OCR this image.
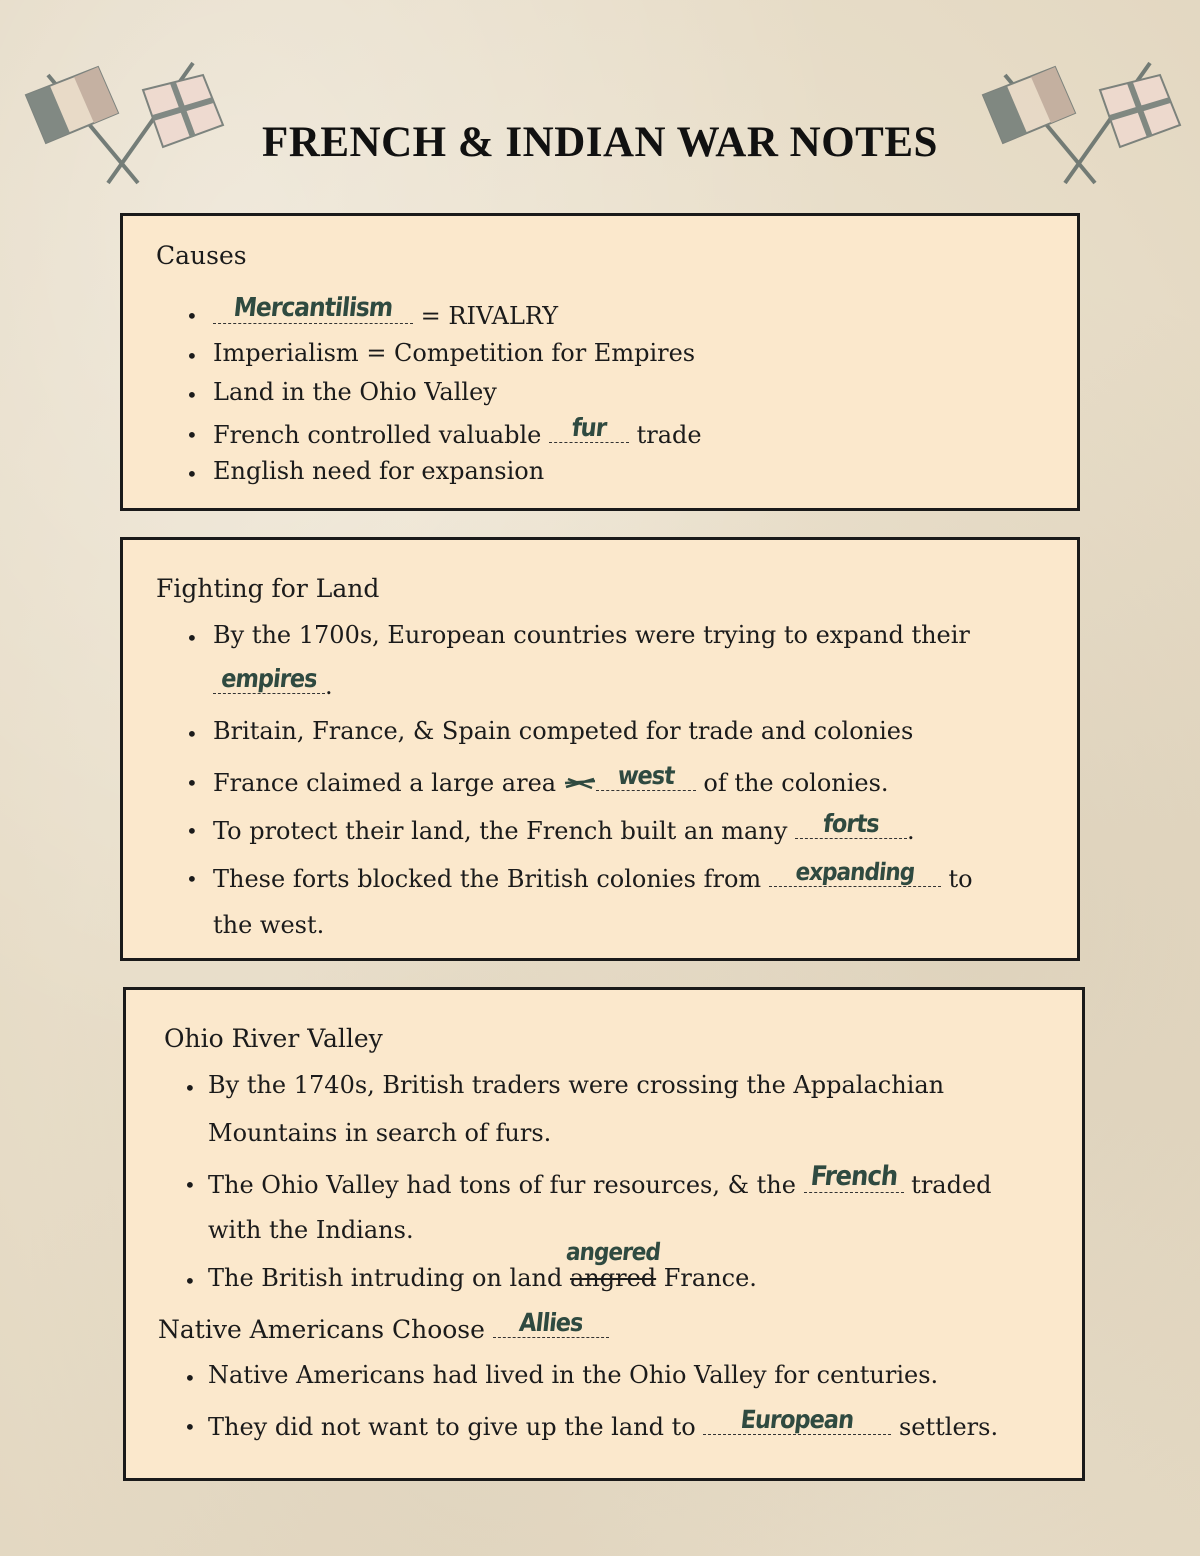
FRENCH & INDIAN WAR NOTES
Causes
•	Mercantilism = RIVALRY
• Imperialism = Competition for Empires
• Land in the Ohio Valley
• French controlled valuable fur trade
• English need for expansion
Fighting for Land
• By the 1700s, European countries were trying to expand their
empires .
• Britain, France, & Spain competed for trade and colonies
• France claimed a large area	west of the colonies.
• To protect their land, the French built an many	forts	.
• These forts blocked the British colonies from	expanding	to
the west.
Ohio River Valley
• By the 1740s, British traders were crossing the Appalachian
Mountains in search of furs.
• The Ohio Valley had tons of fur resources, & the French traded
with the Indians.
• The British intruding on land angred
angered
France.
Native Americans Choose Allies
• Native Americans had lived in the Ohio Valley for centuries.
• They did not want to give up the land to	European	settlers.
